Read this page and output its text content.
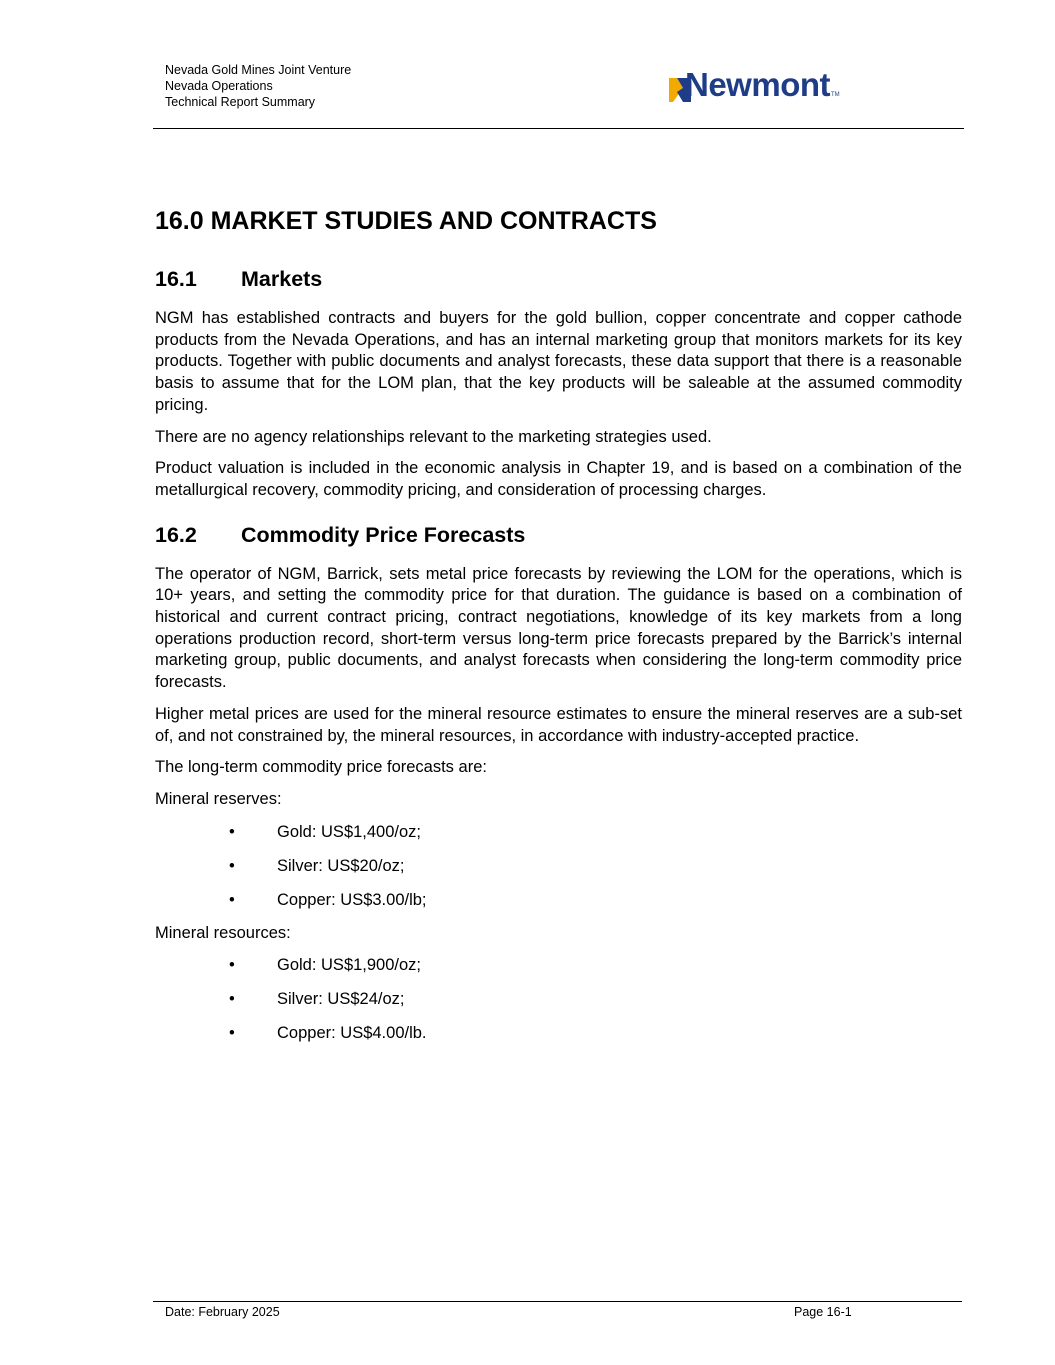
Nevada Gold Mines Joint Venture
Nevada Operations
Technical Report Summary	Newmont TM
16.0 MARKET STUDIES AND CONTRACTS
16.1	Markets

NGM has established contracts and buyers for the gold bullion, copper concentrate and copper cathode products from the Nevada Operations, and has an internal marketing group that monitors markets for its key products. Together with public documents and analyst forecasts, these data support that there is a reasonable basis to assume that for the LOM plan, that the key products will be saleable at the assumed commodity pricing.

There are no agency relationships relevant to the marketing strategies used.

Product valuation is included in the economic analysis in Chapter 19, and is based on a combination of the metallurgical recovery, commodity pricing, and consideration of processing charges.

16.2	Commodity Price Forecasts

The operator of NGM, Barrick, sets metal price forecasts by reviewing the LOM for the operations, which is 10+ years, and setting the commodity price for that duration. The guidance is based on a combination of historical and current contract pricing, contract negotiations, knowledge of its key markets from a long operations production record, short-term versus long-term price forecasts prepared by the Barrick’s internal marketing group, public documents, and analyst forecasts when considering the long-term commodity price forecasts.

Higher metal prices are used for the mineral resource estimates to ensure the mineral reserves are a sub-set of, and not constrained by, the mineral resources, in accordance with industry-accepted practice.

The long-term commodity price forecasts are:

Mineral reserves:

•	Gold: US$1,400/oz;
•	Silver: US$20/oz;
•	Copper: US$3.00/lb;

Mineral resources:

•	Gold: US$1,900/oz;
•	Silver: US$24/oz;
•	Copper: US$4.00/lb.
Date: February 2025	Page 16-1
